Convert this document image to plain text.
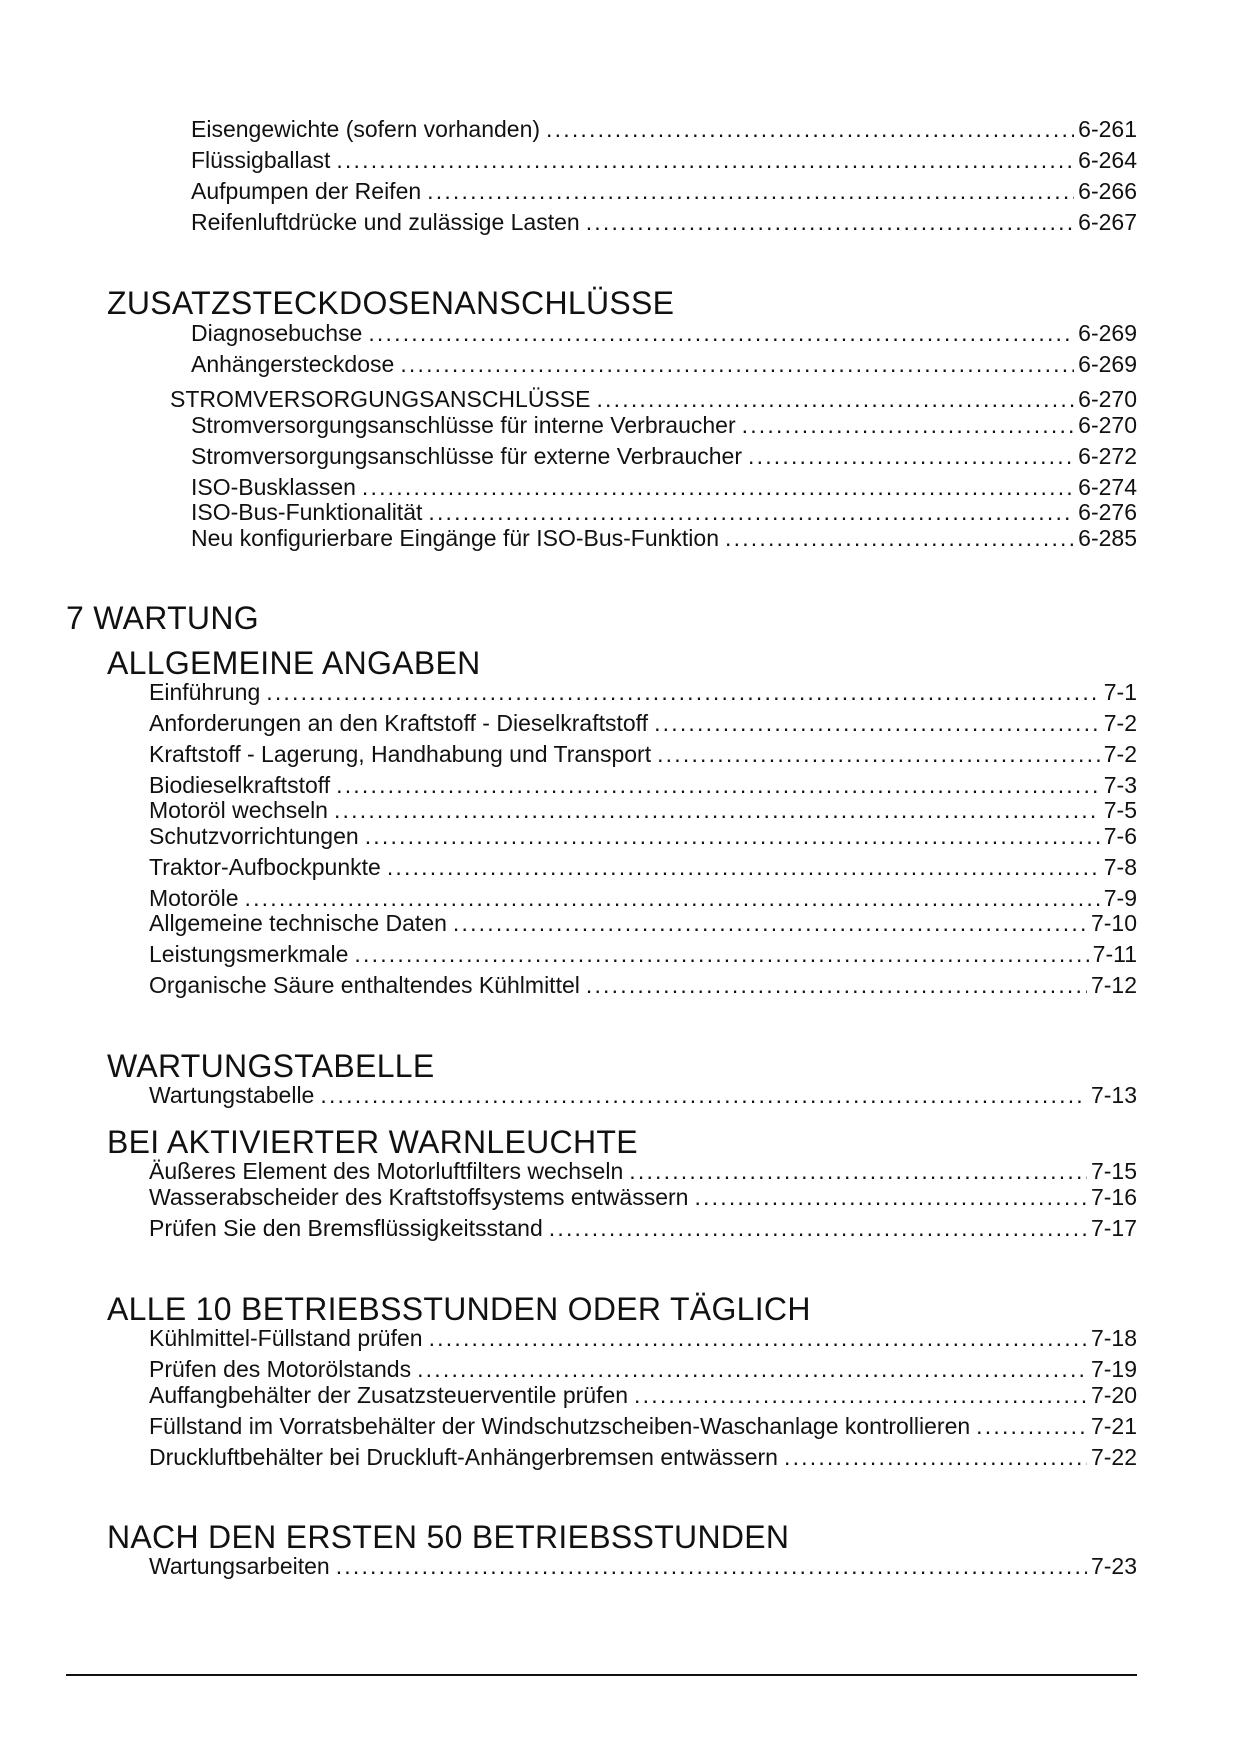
Eisengewichte (sofern vorhanden) .....	6-261
Flüssigballast .....	6-264
Aufpumpen der Reifen .....	6-266
Reifenluftdrücke und zulässige Lasten .....	6-267
ZUSATZSTECKDOSENANSCHLÜSSE
Diagnosebuchse .....	6-269
Anhängersteckdose .....	6-269
STROMVERSORGUNGSANSCHLÜSSE .....	6-270
Stromversorgungsanschlüsse für interne Verbraucher .....	6-270
Stromversorgungsanschlüsse für externe Verbraucher .....	6-272
ISO-Busklassen .....	6-274
ISO-Bus-Funktionalität .....	6-276
Neu konfigurierbare Eingänge für ISO-Bus-Funktion .....	6-285
7 WARTUNG
ALLGEMEINE ANGABEN
Einführung .....	7-1
Anforderungen an den Kraftstoff - Dieselkraftstoff .....	7-2
Kraftstoff - Lagerung, Handhabung und Transport .....	7-2
Biodieselkraftstoff .....	7-3
Motoröl wechseln .....	7-5
Schutzvorrichtungen .....	7-6
Traktor-Aufbockpunkte .....	7-8
Motoröle .....	7-9
Allgemeine technische Daten .....	7-10
Leistungsmerkmale .....	7-11
Organische Säure enthaltendes Kühlmittel .....	7-12
WARTUNGSTABELLE
Wartungstabelle .....	7-13
BEI AKTIVIERTER WARNLEUCHTE
Äußeres Element des Motorluftfilters wechseln .....	7-15
Wasserabscheider des Kraftstoffsystems entwässern .....	7-16
Prüfen Sie den Bremsflüssigkeitsstand .....	7-17
ALLE 10 BETRIEBSSTUNDEN ODER TÄGLICH
Kühlmittel-Füllstand prüfen .....	7-18
Prüfen des Motorölstands .....	7-19
Auffangbehälter der Zusatzsteuerventile prüfen .....	7-20
Füllstand im Vorratsbehälter der Windschutzscheiben-Waschanlage kontrollieren .....	7-21
Druckluftbehälter bei Druckluft-Anhängerbremsen entwässern .....	7-22
NACH DEN ERSTEN 50 BETRIEBSSTUNDEN
Wartungsarbeiten .....	7-23
